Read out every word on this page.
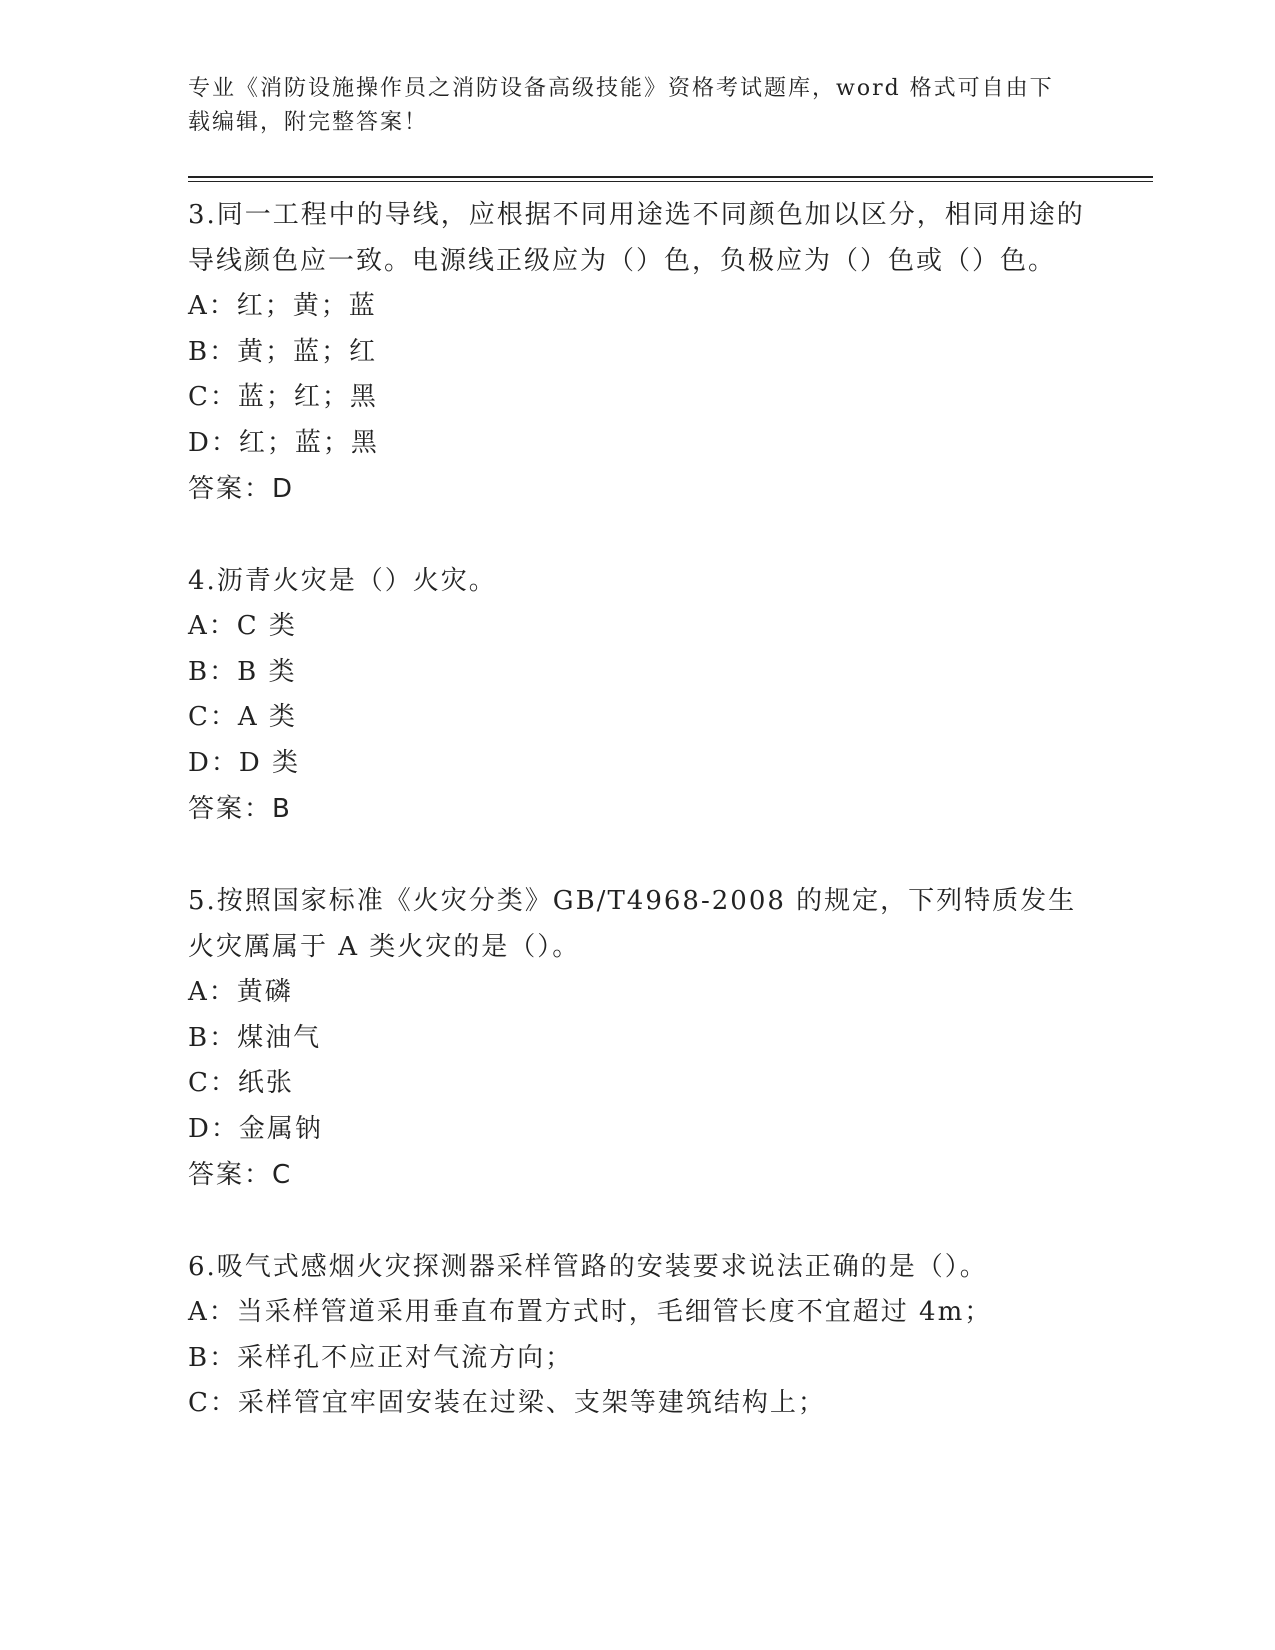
专业《消防设施操作员之消防设备高级技能》资格考试题库，word 格式可自由下载编辑，附完整答案！
3.同一工程中的导线，应根据不同用途选不同颜色加以区分，相同用途的导线颜色应一致。电源线正级应为（）色，负极应为（）色或（）色。
A：红；黄；蓝
B：黄；蓝；红
C：蓝；红；黑
D：红；蓝；黑
答案：D
4.沥青火灾是（）火灾。
A：C 类
B：B 类
C：A 类
D：D 类
答案：B
5.按照国家标准《火灾分类》GB/T4968-2008 的规定，下列特质发生火灾厲属于 A 类火灾的是（）。
A：黄磷
B：煤油气
C：纸张
D：金属钠
答案：C
6.吸气式感烟火灾探测器采样管路的安装要求说法正确的是（）。
A：当采样管道采用垂直布置方式时，毛细管长度不宜超过 4m；
B：采样孔不应正对气流方向；
C：采样管宜牢固安装在过梁、支架等建筑结构上；
